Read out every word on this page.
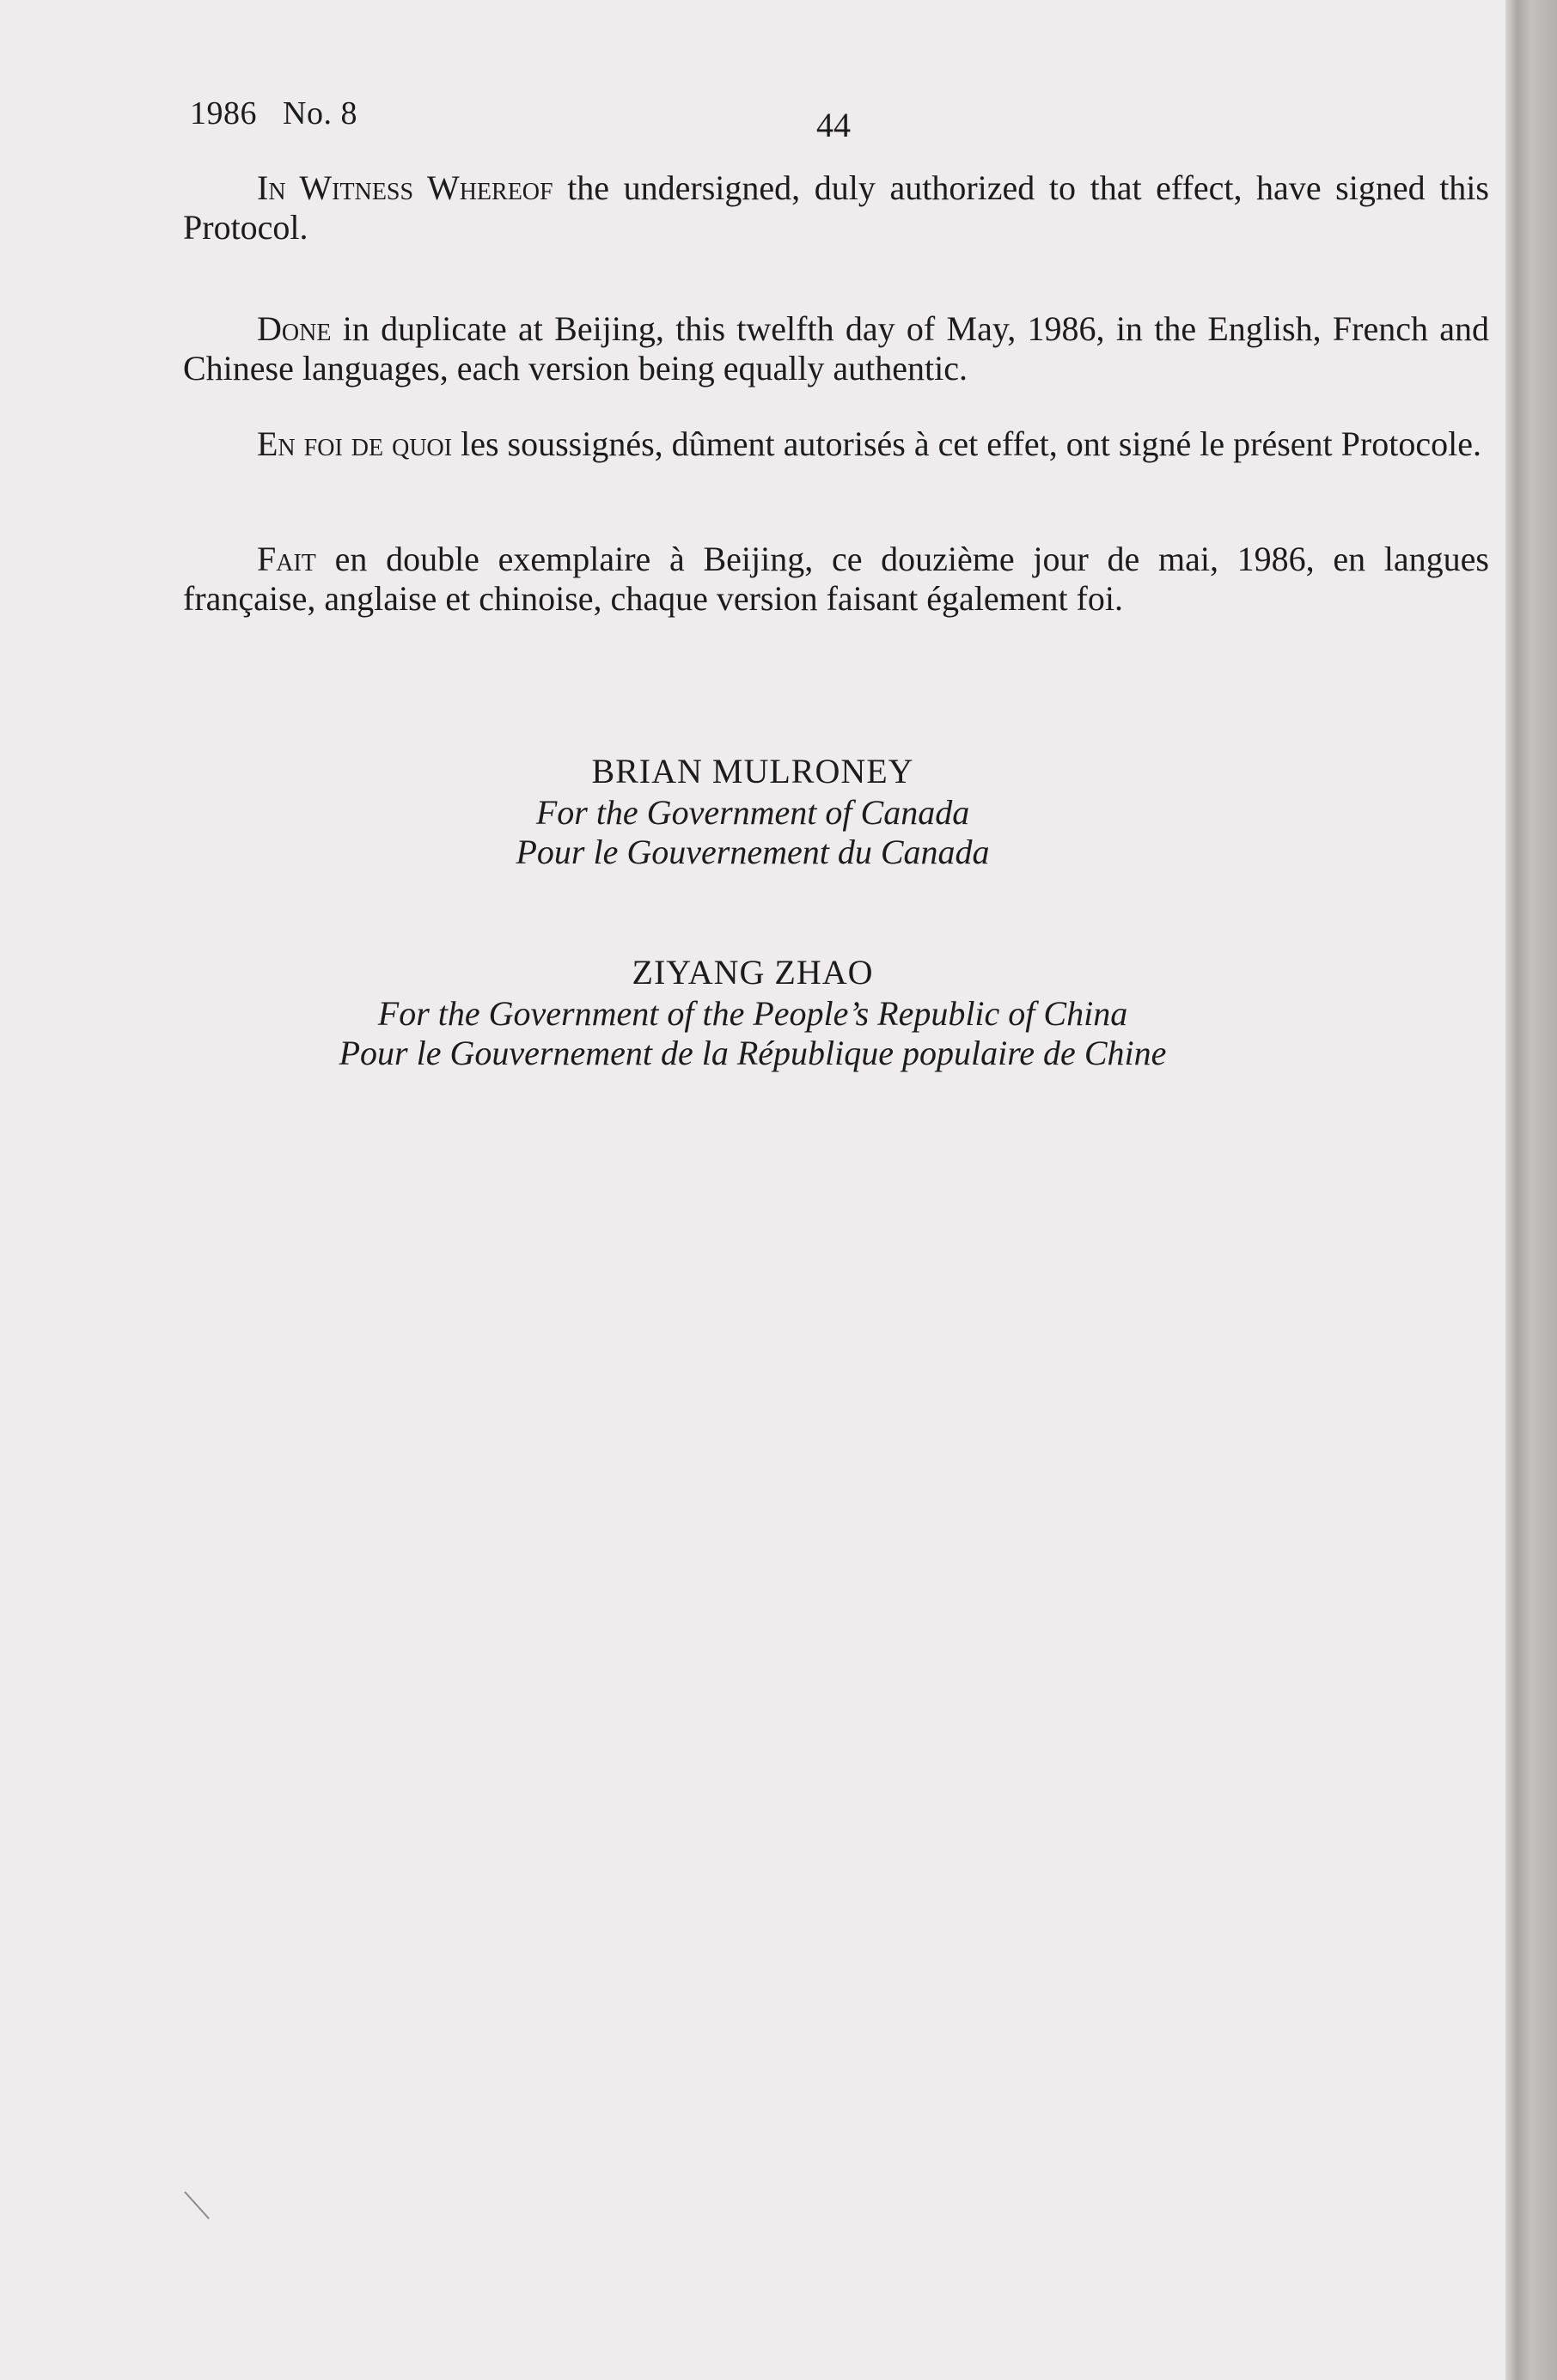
1986 No. 8	44

In Witness Whereof the undersigned, duly authorized to that effect, have signed this Protocol.

Done in duplicate at Beijing, this twelfth day of May, 1986, in the English, French and Chinese languages, each version being equally authentic.

En foi de quoi les soussignés, dûment autorisés à cet effet, ont signé le présent Protocole.

Fait en double exemplaire à Beijing, ce douzième jour de mai, 1986, en langues française, anglaise et chinoise, chaque version faisant également foi.

BRIAN MULRONEY
For the Government of Canada
Pour le Gouvernement du Canada
ZIYANG ZHAO
For the Government of the People’s Republic of China
Pour le Gouvernement de la République populaire de Chine
